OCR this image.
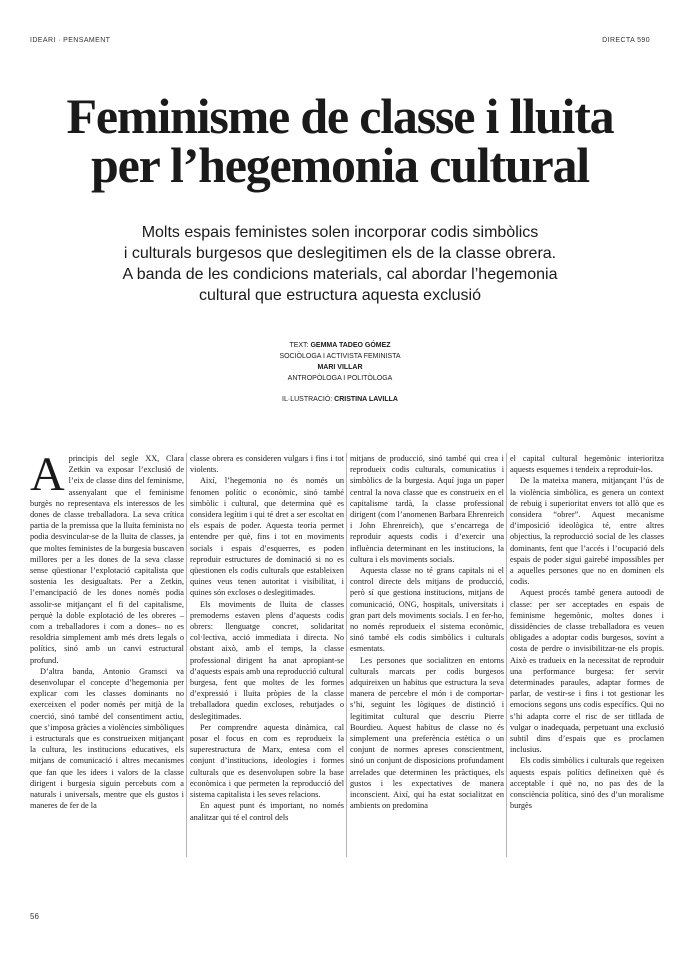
IDEARI · PENSAMENT	DIRECTA 590
Feminisme de classe i lluita
per l’hegemonia cultural
Molts espais feministes solen incorporar codis simbòlics
i culturals burgesos que deslegitimen els de la classe obrera.
A banda de les condicions materials, cal abordar l’hegemonia
cultural que estructura aquesta exclusió
TEXT: GEMMA TADEO GÓMEZ
SOCIÒLOGA I ACTIVISTA FEMINISTA
MARI VILLAR
ANTROPÒLOGA I POLITÒLOGA
IL·LUSTRACIÓ: CRISTINA LAVILLA
A principis del segle XX, Clara Zetkin va exposar l’exclusió de l’eix de classe dins del feminisme, assenyalant que el feminisme burgès no representava els interessos de les dones de classe treballadora. La seva crítica partia de la premissa que la lluita feminista no podia desvincular-se de la lluita de classes, ja que moltes feministes de la burgesia buscaven millores per a les dones de la seva classe sense qüestionar l’explotació capitalista que sostenia les desigualtats. Per a Zetkin, l’emancipació de les dones només podia assolir-se mitjançant el fi del capitalisme, perquè la doble explotació de les obreres –com a treballadores i com a dones– no es resoldria simplement amb més drets legals o polítics, sinó amb un canvi estructural profund.

D’altra banda, Antonio Gramsci va desenvolupar el concepte d’hegemonia per explicar com les classes dominants no exerceixen el poder només per mitjà de la coerció, sinó també del consentiment actiu, que s’imposa gràcies a violències simbòliques i estructurals que es construeixen mitjançant la cultura, les institucions educatives, els mitjans de comunicació i altres mecanismes que fan que les idees i valors de la classe dirigent i burgesia siguin percebuts com a naturals i universals, mentre que els gustos i maneres de fer de la

classe obrera es consideren vulgars i fins i tot violents.

Així, l’hegemonia no és només un fenomen polític o econòmic, sinó també simbòlic i cultural, que determina què es considera legítim i qui té dret a ser escoltat en els espais de poder. Aquesta teoria permet entendre per què, fins i tot en moviments socials i espais d’esquerres, es poden reproduir estructures de dominació si no es qüestionen els codis culturals que estableixen quines veus tenen autoritat i visibilitat, i quines són excloses o deslegitimades.

Els moviments de lluita de classes premoderns estaven plens d’aquests codis obrers: llenguatge concret, solidaritat col·lectiva, acció immediata i directa. No obstant això, amb el temps, la classe professional dirigent ha anat apropiant-se d’aquests espais amb una reproducció cultural burgesa, fent que moltes de les formes d’expressió i lluita pròpies de la classe treballadora quedin excloses, rebutjades o deslegitimades.

Per comprendre aquesta dinàmica, cal posar el focus en com es reprodueix la superestructura de Marx, entesa com el conjunt d’institucions, ideologies i formes culturals que es desenvolupen sobre la base econòmica i que permeten la reproducció del sistema capitalista i les seves relacions.

En aquest punt és important, no només analitzar qui té el control dels

mitjans de producció, sinó també qui crea i reprodueix codis culturals, comunicatius i simbòlics de la burgesia. Aquí juga un paper central la nova classe que es construeix en el capitalisme tardà, la classe professional dirigent (com l’anomenen Barbara Ehrenreich i John Ehrenreich), que s’encarrega de reproduir aquests codis i d’exercir una influència determinant en les institucions, la cultura i els moviments socials.

Aquesta classe no té grans capitals ni el control directe dels mitjans de producció, però sí que gestiona institucions, mitjans de comunicació, ONG, hospitals, universitats i gran part dels moviments socials. I en fer-ho, no només reprodueix el sistema econòmic, sinó també els codis simbòlics i culturals esmentats.

Les persones que socialitzen en entorns culturals marcats per codis burgesos adquireixen un habitus que estructura la seva manera de percebre el món i de comportar-s’hi, seguint les lògiques de distinció i legitimitat cultural que descriu Pierre Bourdieu. Aquest habitus de classe no és simplement una preferència estètica o un conjunt de normes apreses conscientment, sinó un conjunt de disposicions profundament arrelades que determinen les pràctiques, els gustos i les expectatives de manera inconscient. Així, qui ha estat socialitzat en ambients on predomina

el capital cultural hegemònic interioritza aquests esquemes i tendeix a reproduir-los.

De la mateixa manera, mitjançant l’ús de la violència simbòlica, es genera un context de rebuig i superioritat envers tot allò que es considera “obrer”. Aquest mecanisme d’imposició ideològica té, entre altres objectius, la reproducció social de les classes dominants, fent que l’accés i l’ocupació dels espais de poder sigui gairebé impossibles per a aquelles persones que no en dominen els codis.

Aquest procés també genera autoodi de classe: per ser acceptades en espais de feminisme hegemònic, moltes dones i dissidències de classe treballadora es veuen obligades a adoptar codis burgesos, sovint a costa de perdre o invisibilitzar-ne els propis. Això es tradueix en la necessitat de reproduir una performance burgesa: fer servir determinades paraules, adaptar formes de parlar, de vestir-se i fins i tot gestionar les emocions segons uns codis específics. Qui no s’hi adapta corre el risc de ser titllada de vulgar o inadequada, perpetuant una exclusió subtil dins d’espais que es proclamen inclusius.

Els codis simbòlics i culturals que regeixen aquests espais polítics defineixen què és acceptable i què no, no pas des de la consciència política, sinó des d’un moralisme burgès

56
